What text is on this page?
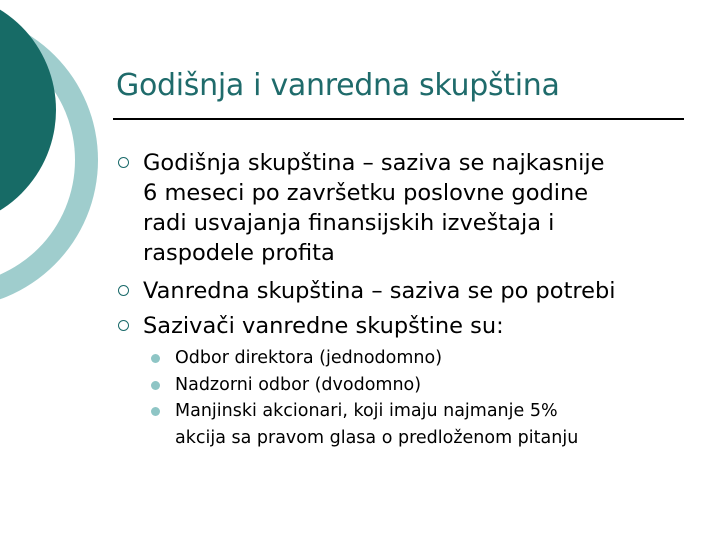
Godišnja i vanredna skupština
Godišnja skupština – saziva se najkasnije
6 meseci po završetku poslovne godine
radi usvajanja finansijskih izveštaja i
raspodele profita
Vanredna skupština – saziva se po potrebi
Sazivači vanredne skupštine su:
Odbor direktora (jednodomno)
Nadzorni odbor (dvodomno)
Manjinski akcionari, koji imaju najmanje 5%
akcija sa pravom glasa o predloženom pitanju
